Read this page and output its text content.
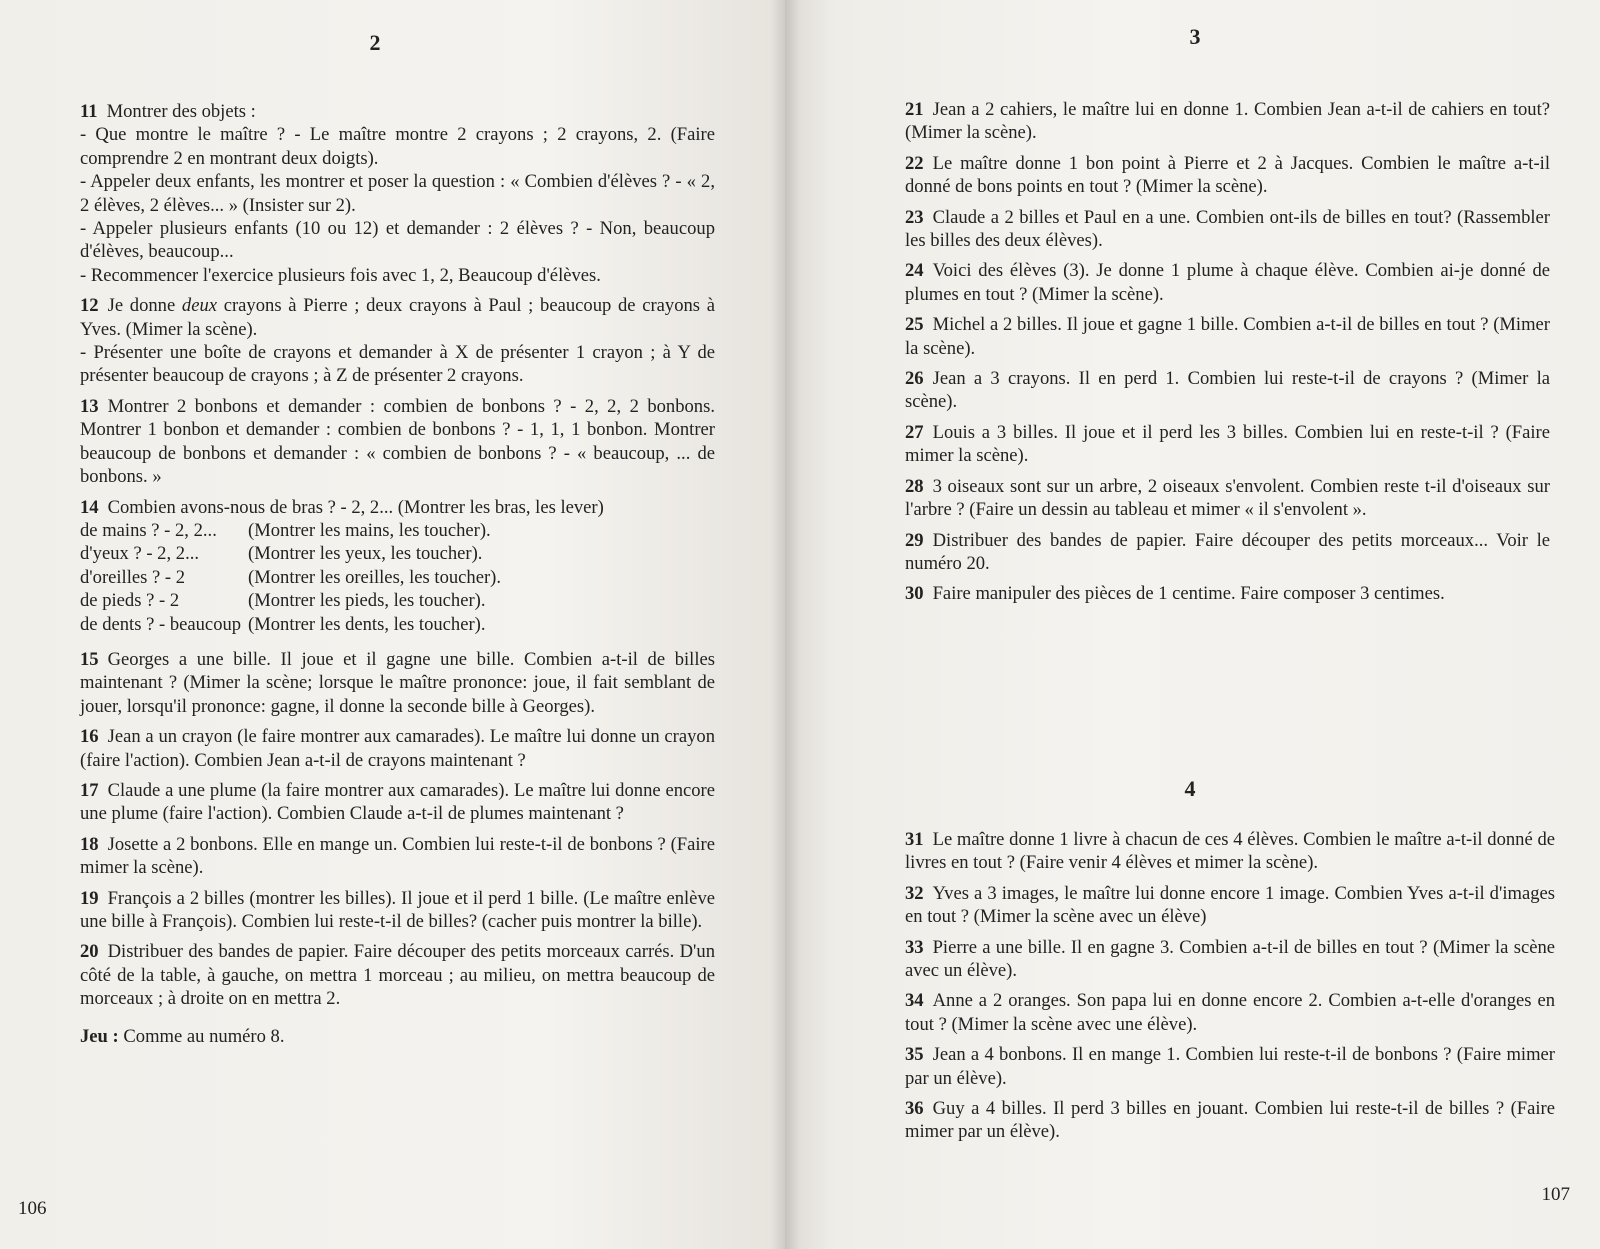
2
11 Montrer des objets :
- Que montre le maître ? - Le maître montre 2 crayons ; 2 crayons, 2. (Faire comprendre 2 en montrant deux doigts).
- Appeler deux enfants, les montrer et poser la question : « Combien d'élèves ? - « 2, 2 élèves, 2 élèves... » (Insister sur 2).
- Appeler plusieurs enfants (10 ou 12) et demander : 2 élèves ? - Non, beaucoup d'élèves, beaucoup...
- Recommencer l'exercice plusieurs fois avec 1, 2, Beaucoup d'élèves.
12 Je donne deux crayons à Pierre ; deux crayons à Paul ; beaucoup de crayons à Yves. (Mimer la scène).
- Présenter une boîte de crayons et demander à X de présenter 1 crayon ; à Y de présenter beaucoup de crayons ; à Z de présenter 2 crayons.
13 Montrer 2 bonbons et demander : combien de bonbons ? - 2, 2, 2 bonbons. Montrer 1 bonbon et demander : combien de bonbons ? - 1, 1, 1 bonbon. Montrer beaucoup de bonbons et demander : « combien de bonbons ? - « beaucoup, ... de bonbons. »
14 Combien avons-nous de bras ? - 2, 2... (Montrer les bras, les lever)
de mains ? - 2, 2...	(Montrer les mains, les toucher).
d'yeux ? - 2, 2...	(Montrer les yeux, les toucher).
d'oreilles ? - 2	(Montrer les oreilles, les toucher).
de pieds ? - 2	(Montrer les pieds, les toucher).
de dents ? - beaucoup (Montrer les dents, les toucher).
15 Georges a une bille. Il joue et il gagne une bille. Combien a-t-il de billes maintenant ? (Mimer la scène; lorsque le maître prononce: joue, il fait semblant de jouer, lorsqu'il prononce: gagne, il donne la seconde bille à Georges).
16 Jean a un crayon (le faire montrer aux camarades). Le maître lui donne un crayon (faire l'action). Combien Jean a-t-il de crayons maintenant ?
17 Claude a une plume (la faire montrer aux camarades). Le maître lui donne encore une plume (faire l'action). Combien Claude a-t-il de plumes maintenant ?
18 Josette a 2 bonbons. Elle en mange un. Combien lui reste-t-il de bonbons ? (Faire mimer la scène).
19 François a 2 billes (montrer les billes). Il joue et il perd 1 bille. (Le maître enlève une bille à François). Combien lui reste-t-il de billes? (cacher puis montrer la bille).
20 Distribuer des bandes de papier. Faire découper des petits morceaux carrés. D'un côté de la table, à gauche, on mettra 1 morceau ; au milieu, on mettra beaucoup de morceaux ; à droite on en mettra 2.
Jeu : Comme au numéro 8.
106
3
21 Jean a 2 cahiers, le maître lui en donne 1. Combien Jean a-t-il de cahiers en tout? (Mimer la scène).
22 Le maître donne 1 bon point à Pierre et 2 à Jacques. Combien le maître a-t-il donné de bons points en tout ? (Mimer la scène).
23 Claude a 2 billes et Paul en a une. Combien ont-ils de billes en tout? (Rassembler les billes des deux élèves).
24 Voici des élèves (3). Je donne 1 plume à chaque élève. Combien ai-je donné de plumes en tout ? (Mimer la scène).
25 Michel a 2 billes. Il joue et gagne 1 bille. Combien a-t-il de billes en tout ? (Mimer la scène).
26 Jean a 3 crayons. Il en perd 1. Combien lui reste-t-il de crayons ? (Mimer la scène).
27 Louis a 3 billes. Il joue et il perd les 3 billes. Combien lui en reste-t-il ? (Faire mimer la scène).
28 3 oiseaux sont sur un arbre, 2 oiseaux s'envolent. Combien reste t-il d'oiseaux sur l'arbre ? (Faire un dessin au tableau et mimer « il s'envolent ».
29 Distribuer des bandes de papier. Faire découper des petits morceaux... Voir le numéro 20.
30 Faire manipuler des pièces de 1 centime. Faire composer 3 centimes.
4
31 Le maître donne 1 livre à chacun de ces 4 élèves. Combien le maître a-t-il donné de livres en tout ? (Faire venir 4 élèves et mimer la scène).
32 Yves a 3 images, le maître lui donne encore 1 image. Combien Yves a-t-il d'images en tout ? (Mimer la scène avec un élève)
33 Pierre a une bille. Il en gagne 3. Combien a-t-il de billes en tout ? (Mimer la scène avec un élève).
34 Anne a 2 oranges. Son papa lui en donne encore 2. Combien a-t-elle d'oranges en tout ? (Mimer la scène avec une élève).
35 Jean a 4 bonbons. Il en mange 1. Combien lui reste-t-il de bonbons ? (Faire mimer par un élève).
36 Guy a 4 billes. Il perd 3 billes en jouant. Combien lui reste-t-il de billes ? (Faire mimer par un élève).
107
